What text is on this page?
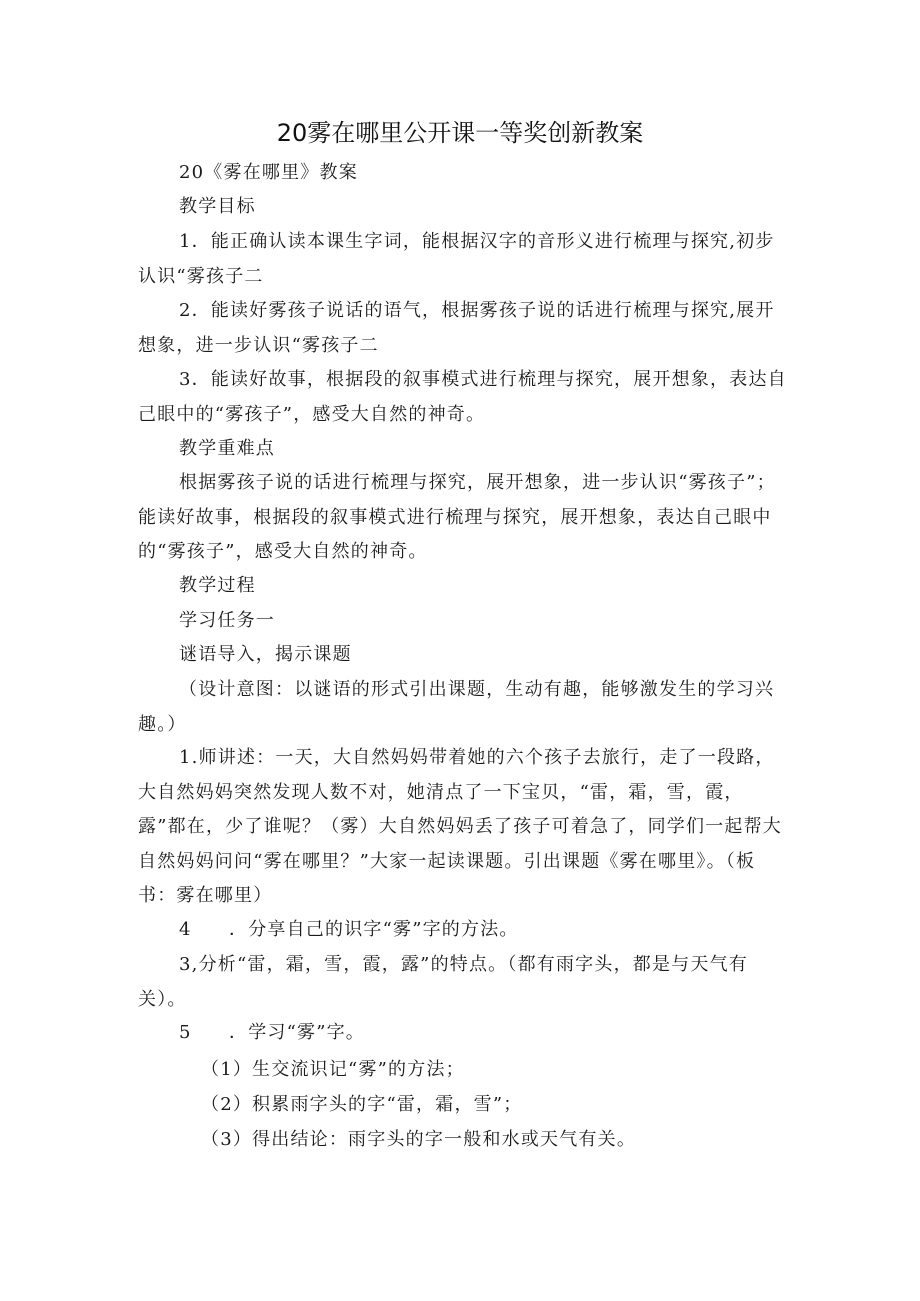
20雾在哪里公开课一等奖创新教案

20《雾在哪里》教案

教学目标

1．能正确认读本课生字词，能根据汉字的音形义进行梳理与探究,初步认识“雾孩子二

2．能读好雾孩子说话的语气，根据雾孩子说的话进行梳理与探究,展开想象，进一步认识“雾孩子二

3．能读好故事，根据段的叙事模式进行梳理与探究，展开想象，表达自己眼中的“雾孩子”，感受大自然的神奇。

教学重难点

根据雾孩子说的话进行梳理与探究，展开想象，进一步认识“雾孩子”；能读好故事，根据段的叙事模式进行梳理与探究，展开想象，表达自己眼中的“雾孩子”，感受大自然的神奇。

教学过程

学习任务一

谜语导入，揭示课题

（设计意图：以谜语的形式引出课题，生动有趣，能够激发生的学习兴趣。）

1.师讲述：一天，大自然妈妈带着她的六个孩子去旅行，走了一段路，大自然妈妈突然发现人数不对，她清点了一下宝贝，“雷，霜，雪，霞，露”都在，少了谁呢？（雾）大自然妈妈丢了孩子可着急了，同学们一起帮大自然妈妈问问“雾在哪里？”大家一起读课题。引出课题《雾在哪里》。（板书：雾在哪里）

4 ．分享自己的识字“雾”字的方法。

3,分析“雷，霜，雪，霞，露”的特点。（都有雨字头，都是与天气有关）。

5 ．学习“雾”字。

（1）生交流识记“雾”的方法；

（2）积累雨字头的字“雷，霜，雪”；

（3）得出结论：雨字头的字一般和水或天气有关。
